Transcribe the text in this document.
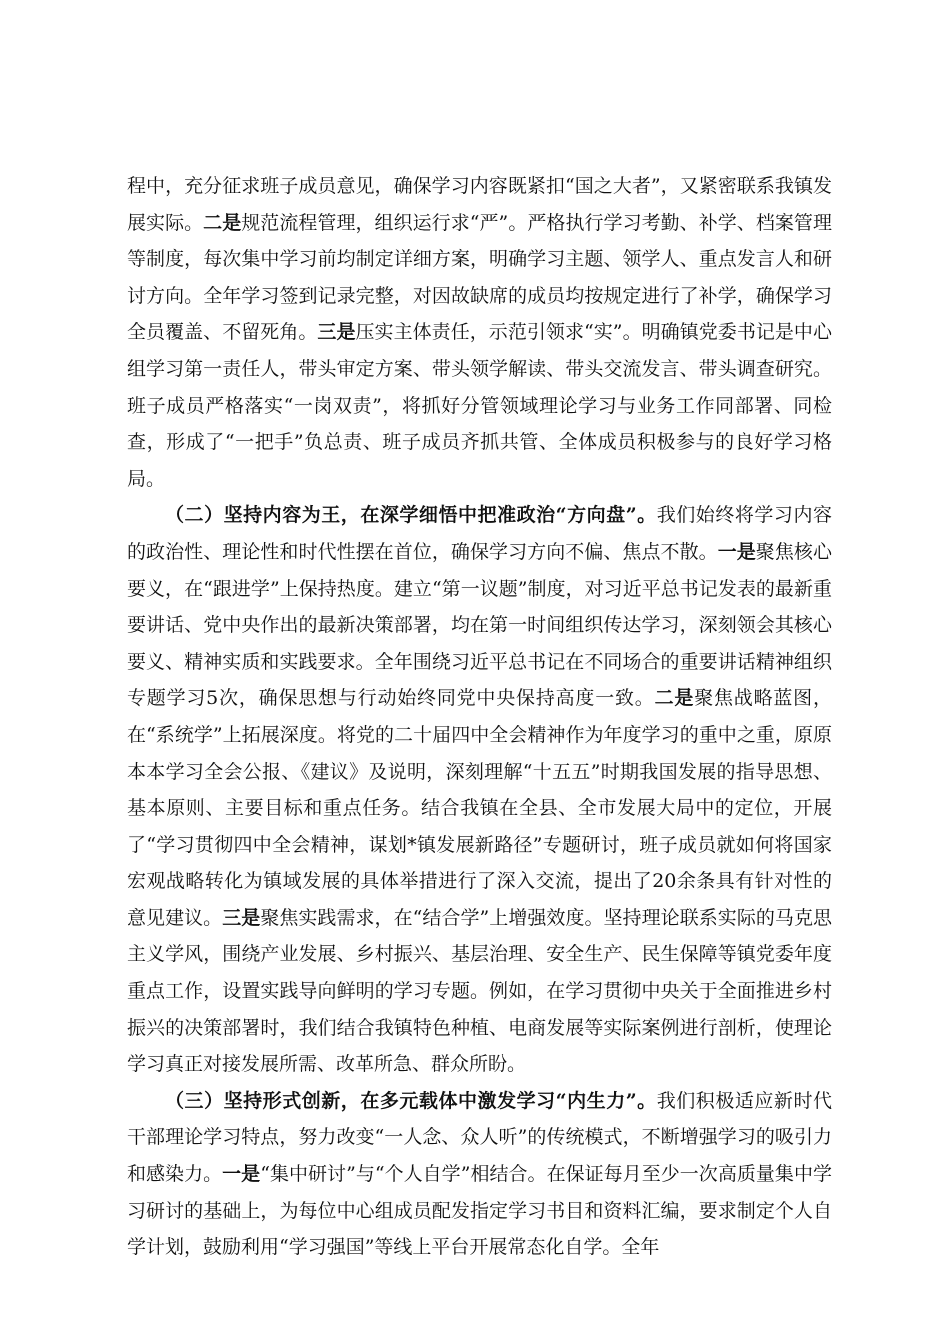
程中，充分征求班子成员意见，确保学习内容既紧扣“国之大者”，又紧密联系我镇发展实际。二是规范流程管理，组织运行求“严”。严格执行学习考勤、补学、档案管理等制度，每次集中学习前均制定详细方案，明确学习主题、领学人、重点发言人和研讨方向。全年学习签到记录完整，对因故缺席的成员均按规定进行了补学，确保学习全员覆盖、不留死角。三是压实主体责任，示范引领求“实”。明确镇党委书记是中心组学习第一责任人，带头审定方案、带头领学解读、带头交流发言、带头调查研究。班子成员严格落实“一岗双责”，将抓好分管领域理论学习与业务工作同部署、同检查，形成了“一把手”负总责、班子成员齐抓共管、全体成员积极参与的良好学习格局。

（二）坚持内容为王，在深学细悟中把准政治“方向盘”。我们始终将学习内容的政治性、理论性和时代性摆在首位，确保学习方向不偏、焦点不散。一是聚焦核心要义，在“跟进学”上保持热度。建立“第一议题”制度，对习近平总书记发表的最新重要讲话、党中央作出的最新决策部署，均在第一时间组织传达学习，深刻领会其核心要义、精神实质和实践要求。全年围绕习近平总书记在不同场合的重要讲话精神组织专题学习5次，确保思想与行动始终同党中央保持高度一致。二是聚焦战略蓝图，在“系统学”上拓展深度。将党的二十届四中全会精神作为年度学习的重中之重，原原本本学习全会公报、《建议》及说明，深刻理解“十五五”时期我国发展的指导思想、基本原则、主要目标和重点任务。结合我镇在全县、全市发展大局中的定位，开展了“学习贯彻四中全会精神，谋划*镇发展新路径”专题研讨，班子成员就如何将国家宏观战略转化为镇域发展的具体举措进行了深入交流，提出了20余条具有针对性的意见建议。三是聚焦实践需求，在“结合学”上增强效度。坚持理论联系实际的马克思主义学风，围绕产业发展、乡村振兴、基层治理、安全生产、民生保障等镇党委年度重点工作，设置实践导向鲜明的学习专题。例如，在学习贯彻中央关于全面推进乡村振兴的决策部署时，我们结合我镇特色种植、电商发展等实际案例进行剖析，使理论学习真正对接发展所需、改革所急、群众所盼。

（三）坚持形式创新，在多元载体中激发学习“内生力”。我们积极适应新时代干部理论学习特点，努力改变“一人念、众人听”的传统模式，不断增强学习的吸引力和感染力。一是“集中研讨”与“个人自学”相结合。在保证每月至少一次高质量集中学习研讨的基础上，为每位中心组成员配发指定学习书目和资料汇编，要求制定个人自学计划，鼓励利用“学习强国”等线上平台开展常态化自学。全年
